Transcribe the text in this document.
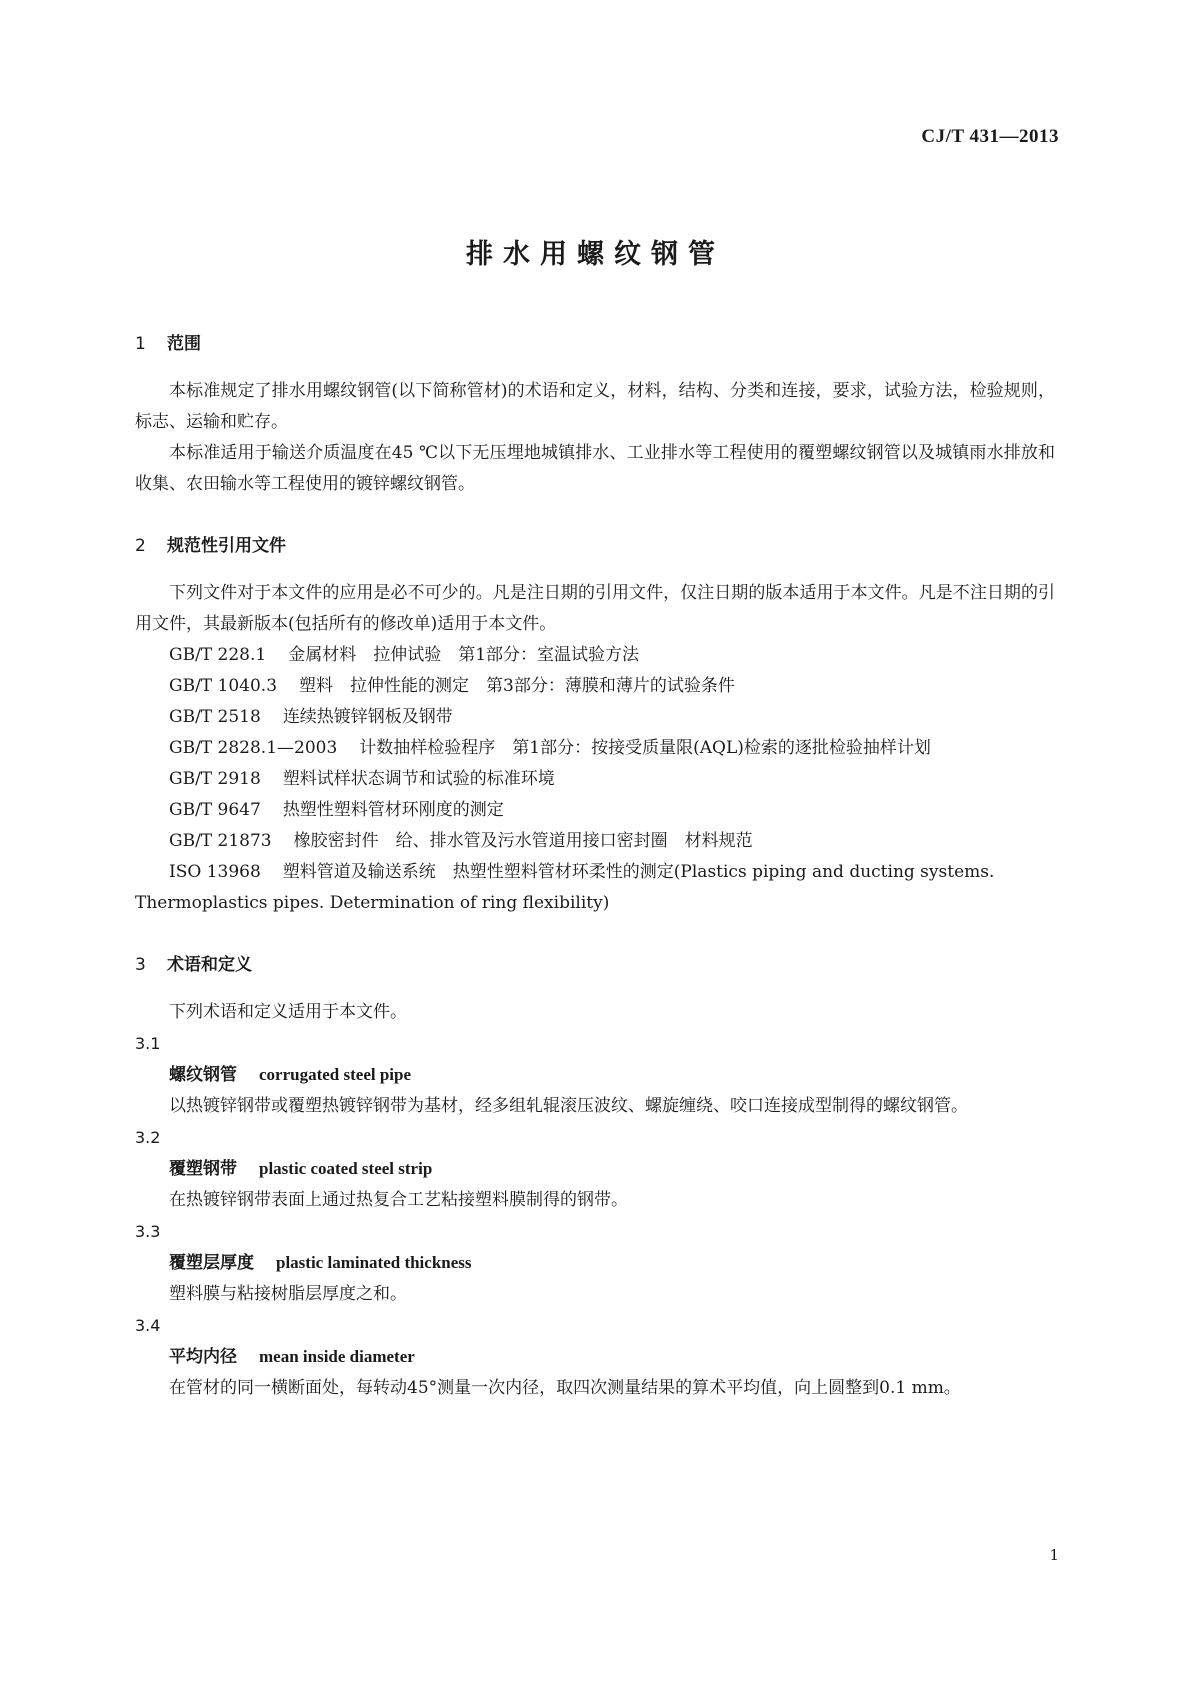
CJ/T 431—2013
排水用螺纹钢管
1 范围

本标准规定了排水用螺纹钢管(以下简称管材)的术语和定义，材料，结构、分类和连接，要求，试验方法，检验规则，标志、运输和贮存。

本标准适用于输送介质温度在45 ℃以下无压埋地城镇排水、工业排水等工程使用的覆塑螺纹钢管以及城镇雨水排放和收集、农田输水等工程使用的镀锌螺纹钢管。

2 规范性引用文件

下列文件对于本文件的应用是必不可少的。凡是注日期的引用文件，仅注日期的版本适用于本文件。凡是不注日期的引用文件，其最新版本(包括所有的修改单)适用于本文件。

GB/T 228.1 金属材料　拉伸试验　第1部分：室温试验方法

GB/T 1040.3 塑料　拉伸性能的测定　第3部分：薄膜和薄片的试验条件

GB/T 2518 连续热镀锌钢板及钢带

GB/T 2828.1—2003 计数抽样检验程序　第1部分：按接受质量限(AQL)检索的逐批检验抽样计划

GB/T 2918 塑料试样状态调节和试验的标准环境

GB/T 9647 热塑性塑料管材环刚度的测定

GB/T 21873 橡胶密封件　给、排水管及污水管道用接口密封圈　材料规范

ISO 13968 塑料管道及输送系统　热塑性塑料管材环柔性的测定(Plastics piping and ducting systems. Thermoplastics pipes. Determination of ring flexibility)

3 术语和定义

下列术语和定义适用于本文件。

3.1

螺纹钢管 corrugated steel pipe

以热镀锌钢带或覆塑热镀锌钢带为基材，经多组轧辊滚压波纹、螺旋缠绕、咬口连接成型制得的螺纹钢管。

3.2

覆塑钢带 plastic coated steel strip

在热镀锌钢带表面上通过热复合工艺粘接塑料膜制得的钢带。

3.3

覆塑层厚度 plastic laminated thickness

塑料膜与粘接树脂层厚度之和。

3.4

平均内径 mean inside diameter

在管材的同一横断面处，每转动45°测量一次内径，取四次测量结果的算术平均值，向上圆整到0.1 mm。

1
